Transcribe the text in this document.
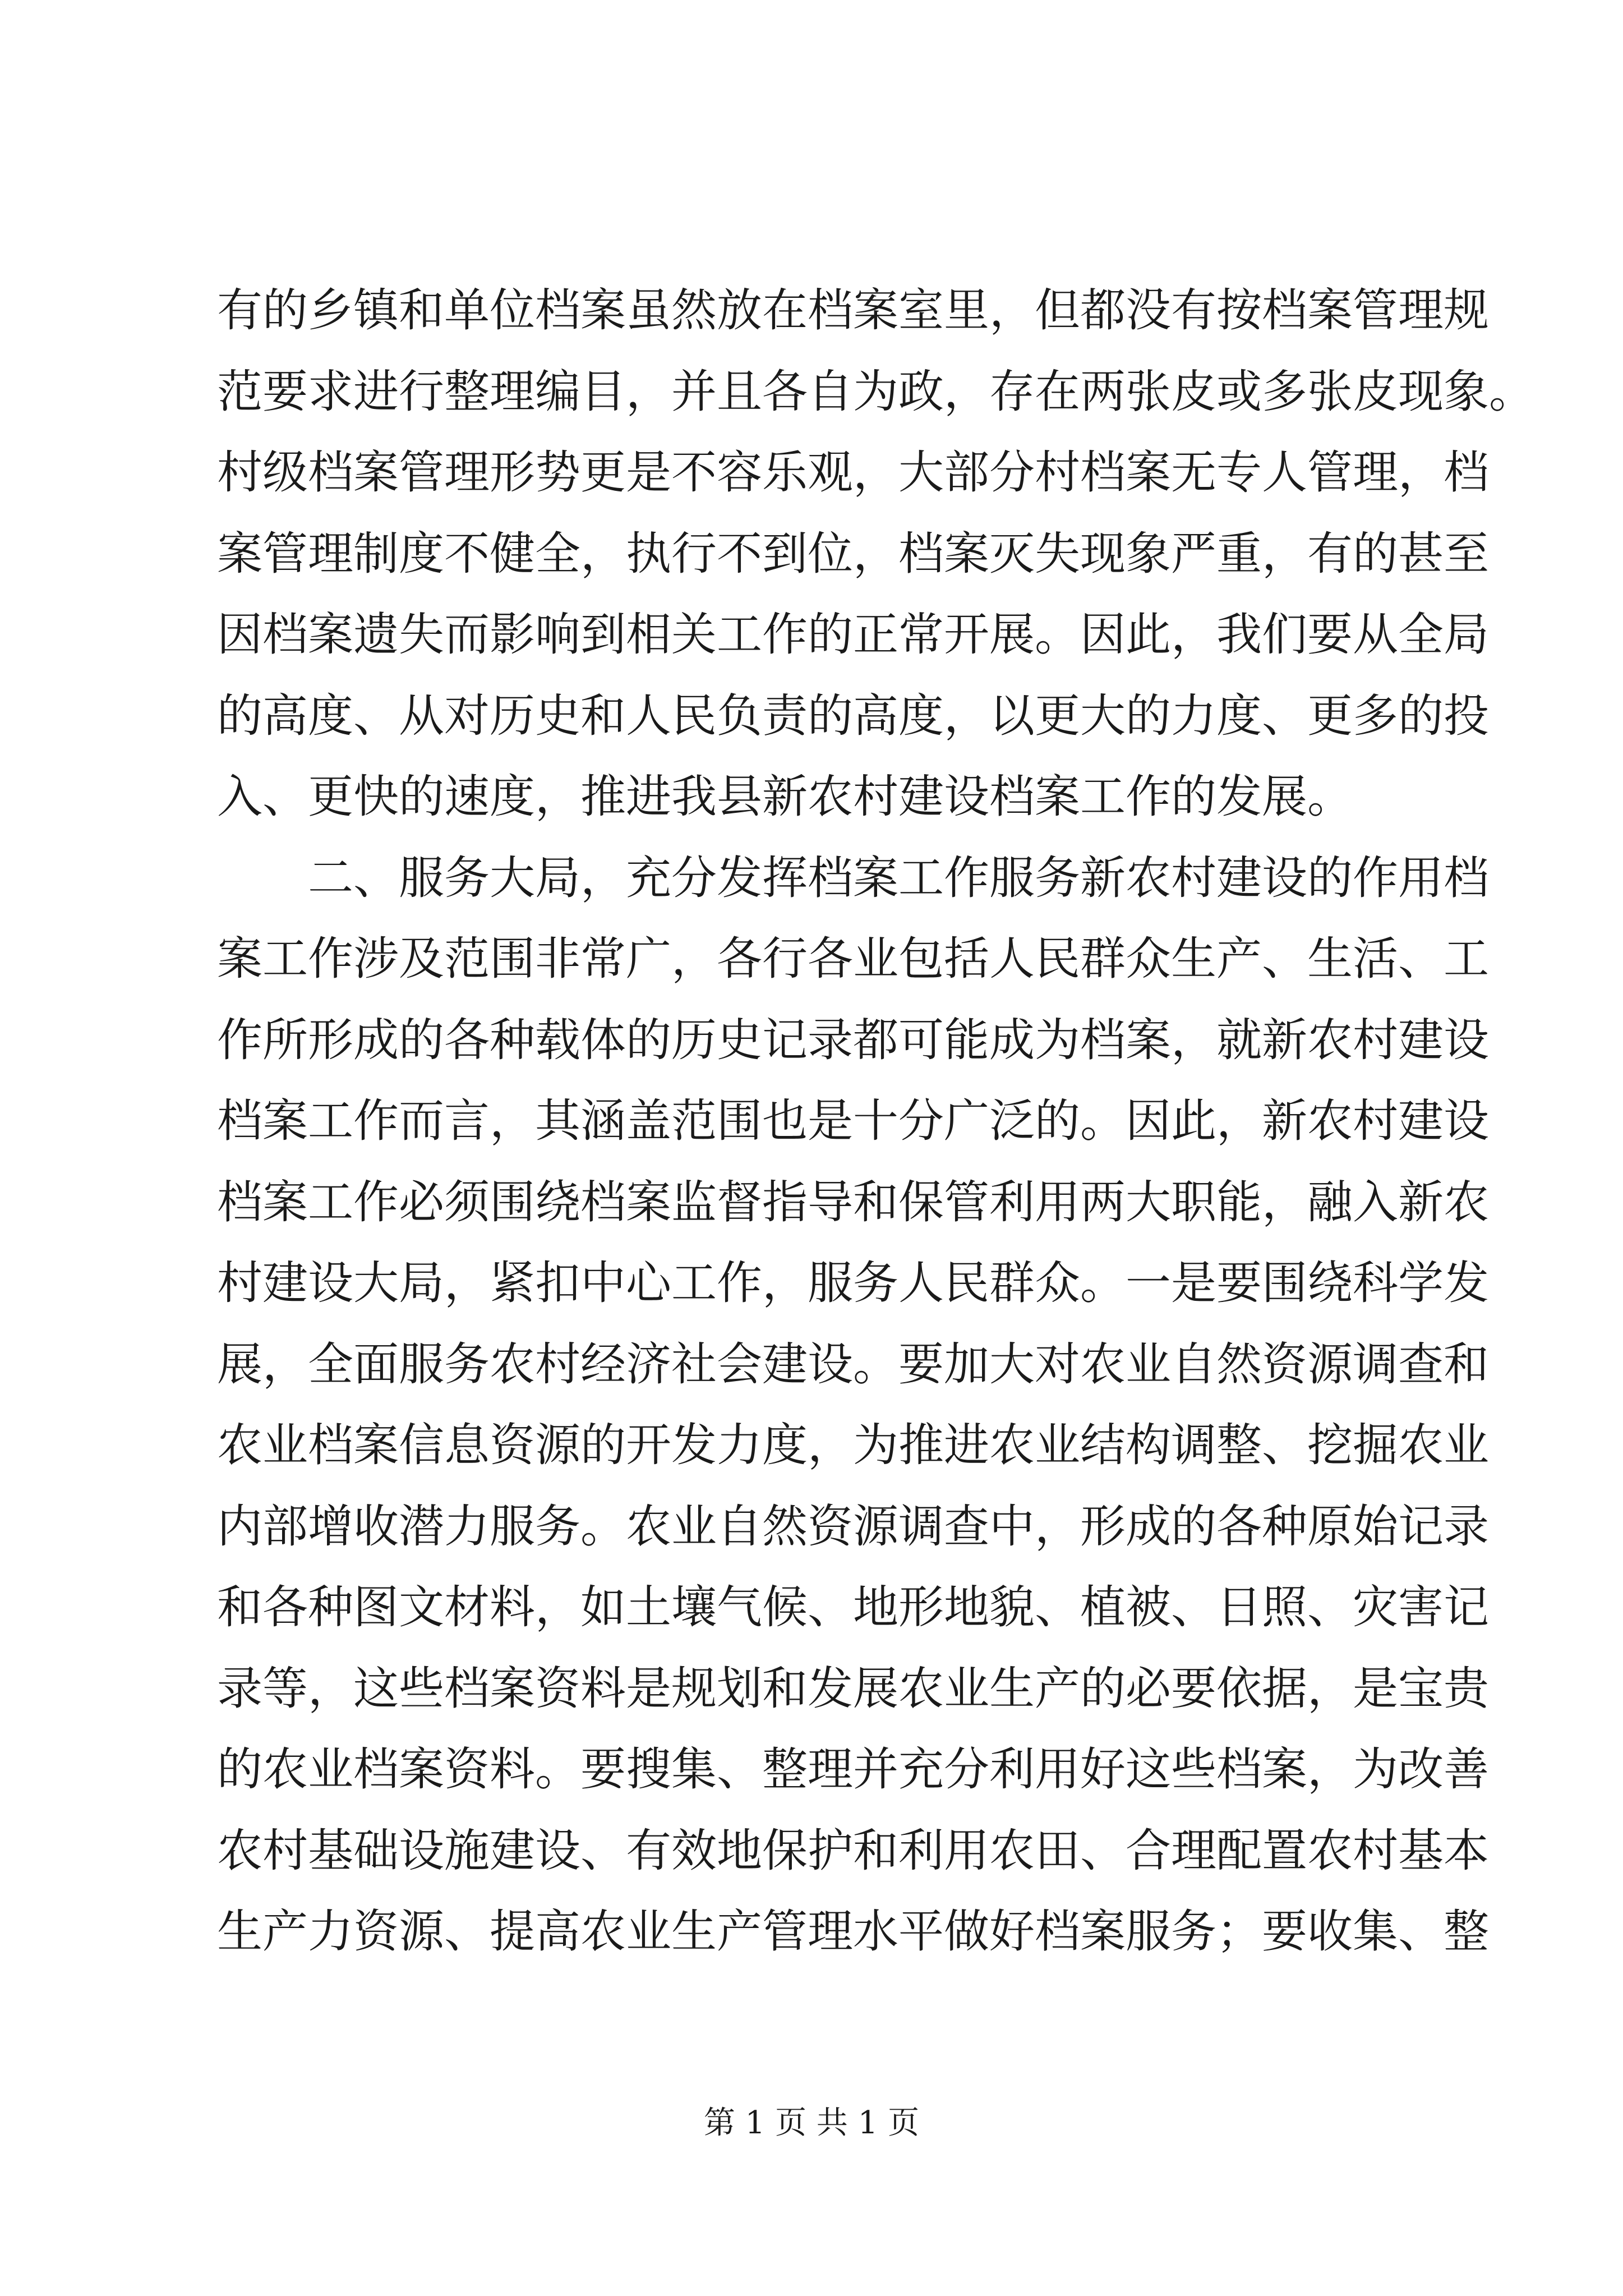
有的乡镇和单位档案虽然放在档案室里，但都没有按档案管理规
范要求进行整理编目，并且各自为政，存在两张皮或多张皮现象。
村级档案管理形势更是不容乐观，大部分村档案无专人管理，档
案管理制度不健全，执行不到位，档案灭失现象严重，有的甚至
因档案遗失而影响到相关工作的正常开展。因此，我们要从全局
的高度、从对历史和人民负责的高度，以更大的力度、更多的投
入、更快的速度，推进我县新农村建设档案工作的发展。
二、服务大局，充分发挥档案工作服务新农村建设的作用档
案工作涉及范围非常广，各行各业包括人民群众生产、生活、工
作所形成的各种载体的历史记录都可能成为档案，就新农村建设
档案工作而言，其涵盖范围也是十分广泛的。因此，新农村建设
档案工作必须围绕档案监督指导和保管利用两大职能，融入新农
村建设大局，紧扣中心工作，服务人民群众。一是要围绕科学发
展，全面服务农村经济社会建设。要加大对农业自然资源调查和
农业档案信息资源的开发力度，为推进农业结构调整、挖掘农业
内部增收潜力服务。农业自然资源调查中，形成的各种原始记录
和各种图文材料，如土壤气候、地形地貌、植被、日照、灾害记
录等，这些档案资料是规划和发展农业生产的必要依据，是宝贵
的农业档案资料。要搜集、整理并充分利用好这些档案，为改善
农村基础设施建设、有效地保护和利用农田、合理配置农村基本
生产力资源、提高农业生产管理水平做好档案服务；要收集、整
第 1 页 共 1 页
